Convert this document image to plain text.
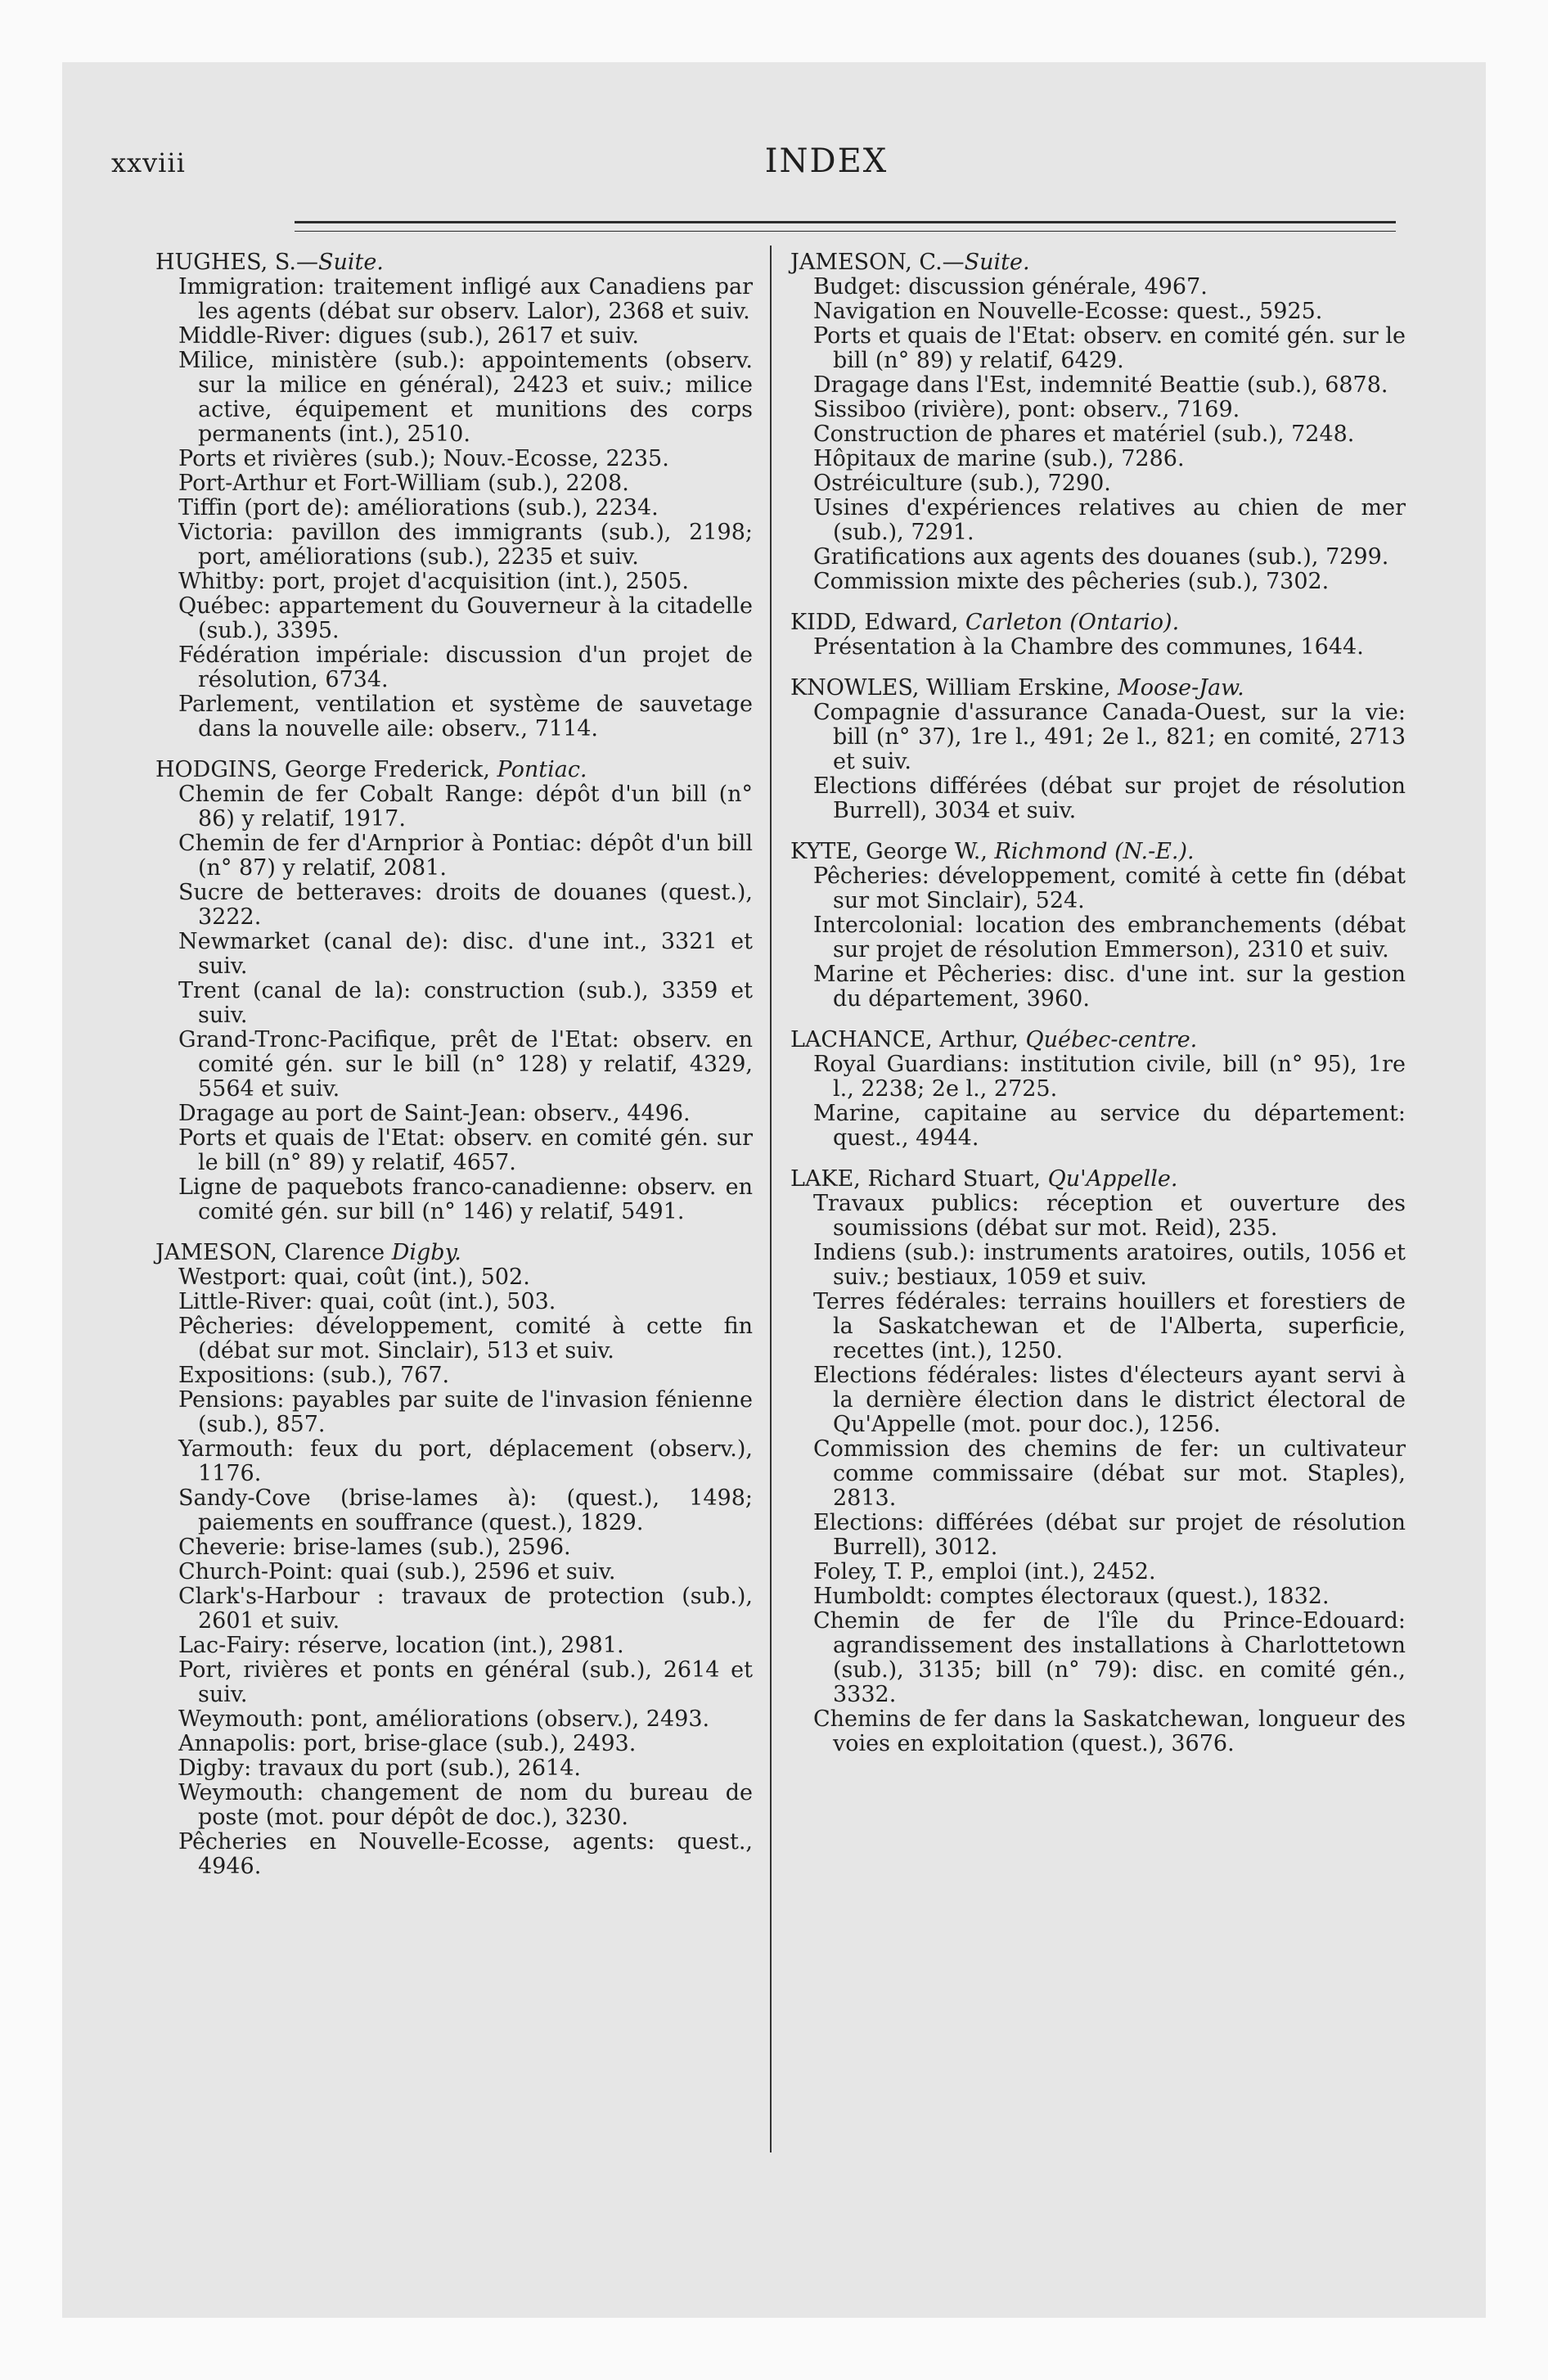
xxviii	INDEX
HUGHES, S.—Suite.
Immigration: traitement infligé aux Canadiens par les agents (débat sur observ. Lalor), 2368 et suiv.
Middle-River: digues (sub.), 2617 et suiv.
Milice, ministère (sub.): appointements (observ. sur la milice en général), 2423 et suiv.; milice active, équipement et munitions des corps permanents (int.), 2510.
Ports et rivières (sub.); Nouv.-Ecosse, 2235.
Port-Arthur et Fort-William (sub.), 2208.
Tiffin (port de): améliorations (sub.), 2234.
Victoria: pavillon des immigrants (sub.), 2198; port, améliorations (sub.), 2235 et suiv.
Whitby: port, projet d'acquisition (int.), 2505.
Québec: appartement du Gouverneur à la citadelle (sub.), 3395.
Fédération impériale: discussion d'un projet de résolution, 6734.
Parlement, ventilation et système de sauvetage dans la nouvelle aile: observ., 7114.
HODGINS, George Frederick, Pontiac.
Chemin de fer Cobalt Range: dépôt d'un bill (n° 86) y relatif, 1917.
Chemin de fer d'Arnprior à Pontiac: dépôt d'un bill (n° 87) y relatif, 2081.
Sucre de betteraves: droits de douanes (quest.), 3222.
Newmarket (canal de): disc. d'une int., 3321 et suiv.
Trent (canal de la): construction (sub.), 3359 et suiv.
Grand-Tronc-Pacifique, prêt de l'Etat: observ. en comité gén. sur le bill (n° 128) y relatif, 4329, 5564 et suiv.
Dragage au port de Saint-Jean: observ., 4496.
Ports et quais de l'Etat: observ. en comité gén. sur le bill (n° 89) y relatif, 4657.
Ligne de paquebots franco-canadienne: observ. en comité gén. sur bill (n° 146) y relatif, 5491.
JAMESON, Clarence Digby.
Westport: quai, coût (int.), 502.
Little-River: quai, coût (int.), 503.
Pêcheries: développement, comité à cette fin (débat sur mot. Sinclair), 513 et suiv.
Expositions: (sub.), 767.
Pensions: payables par suite de l'invasion fénienne (sub.), 857.
Yarmouth: feux du port, déplacement (observ.), 1176.
Sandy-Cove (brise-lames à): (quest.), 1498; paiements en souffrance (quest.), 1829.
Cheverie: brise-lames (sub.), 2596.
Church-Point: quai (sub.), 2596 et suiv.
Clark's-Harbour : travaux de protection (sub.), 2601 et suiv.
Lac-Fairy: réserve, location (int.), 2981.
Port, rivières et ponts en général (sub.), 2614 et suiv.
Weymouth: pont, améliorations (observ.), 2493.
Annapolis: port, brise-glace (sub.), 2493.
Digby: travaux du port (sub.), 2614.
Weymouth: changement de nom du bureau de poste (mot. pour dépôt de doc.), 3230.
Pêcheries en Nouvelle-Ecosse, agents: quest., 4946.
JAMESON, C.—Suite.
Budget: discussion générale, 4967.
Navigation en Nouvelle-Ecosse: quest., 5925.
Ports et quais de l'Etat: observ. en comité gén. sur le bill (n° 89) y relatif, 6429.
Dragage dans l'Est, indemnité Beattie (sub.), 6878.
Sissiboo (rivière), pont: observ., 7169.
Construction de phares et matériel (sub.), 7248.
Hôpitaux de marine (sub.), 7286.
Ostréiculture (sub.), 7290.
Usines d'expériences relatives au chien de mer (sub.), 7291.
Gratifications aux agents des douanes (sub.), 7299.
Commission mixte des pêcheries (sub.), 7302.
KIDD, Edward, Carleton (Ontario).
Présentation à la Chambre des communes, 1644.
KNOWLES, William Erskine, Moose-Jaw.
Compagnie d'assurance Canada-Ouest, sur la vie: bill (n° 37), 1re l., 491; 2e l., 821; en comité, 2713 et suiv.
Elections différées (débat sur projet de résolution Burrell), 3034 et suiv.
KYTE, George W., Richmond (N.-E.).
Pêcheries: développement, comité à cette fin (débat sur mot Sinclair), 524.
Intercolonial: location des embranchements (débat sur projet de résolution Emmerson), 2310 et suiv.
Marine et Pêcheries: disc. d'une int. sur la gestion du département, 3960.
LACHANCE, Arthur, Québec-centre.
Royal Guardians: institution civile, bill (n° 95), 1re l., 2238; 2e l., 2725.
Marine, capitaine au service du département: quest., 4944.
LAKE, Richard Stuart, Qu'Appelle.
Travaux publics: réception et ouverture des soumissions (débat sur mot. Reid), 235.
Indiens (sub.): instruments aratoires, outils, 1056 et suiv.; bestiaux, 1059 et suiv.
Terres fédérales: terrains houillers et forestiers de la Saskatchewan et de l'Alberta, superficie, recettes (int.), 1250.
Elections fédérales: listes d'électeurs ayant servi à la dernière élection dans le district électoral de Qu'Appelle (mot. pour doc.), 1256.
Commission des chemins de fer: un cultivateur comme commissaire (débat sur mot. Staples), 2813.
Elections: différées (débat sur projet de résolution Burrell), 3012.
Foley, T. P., emploi (int.), 2452.
Humboldt: comptes électoraux (quest.), 1832.
Chemin de fer de l'île du Prince-Edouard: agrandissement des installations à Charlottetown (sub.), 3135; bill (n° 79): disc. en comité gén., 3332.
Chemins de fer dans la Saskatchewan, longueur des voies en exploitation (quest.), 3676.
